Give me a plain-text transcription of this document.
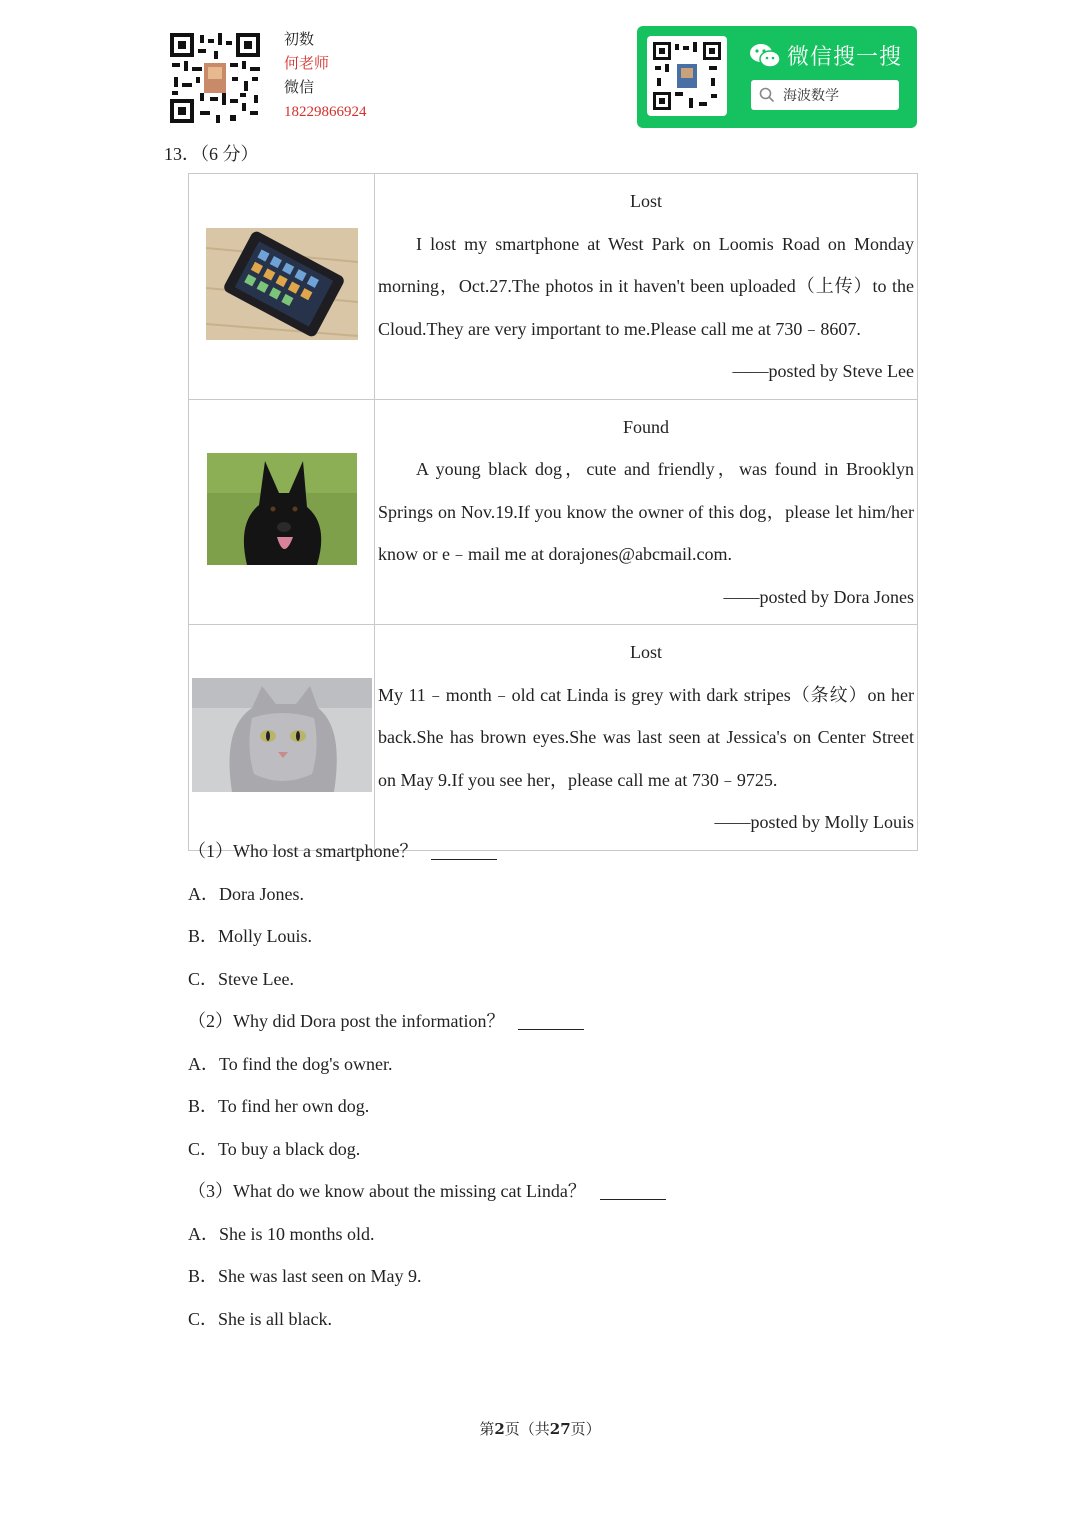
初数
何老师
微信
18229866924
微信搜一搜
海波数学
13．（6 分）

Lost
I lost my smartphone at West Park on Loomis Road on Monday morning，Oct.27.The photos in it haven't been uploaded（上传）to the Cloud.They are very important to me.Please call me at 730﹣8607.
——posted by Steve Lee

Found
A young black dog，cute and friendly，was found in Brooklyn Springs on Nov.19.If you know the owner of this dog，please let him/her know or e﹣mail me at dorajones@abcmail.com.
——posted by Dora Jones

Lost
My 11﹣month﹣old cat Linda is grey with dark stripes（条纹）on her back.She has brown eyes.She was last seen at Jessica's on Center Street on May 9.If you see her，please call me at 730﹣9725.
——posted by Molly Louis
（1）Who lost a smartphone？
A．Dora Jones.
B．Molly Louis.
C．Steve Lee.
（2）Why did Dora post the information？
A．To find the dog's owner.
B．To find her own dog.
C．To buy a black dog.
（3）What do we know about the missing cat Linda？
A．She is 10 months old.
B．She was last seen on May 9.
C．She is all black.
第2页（共27页）
